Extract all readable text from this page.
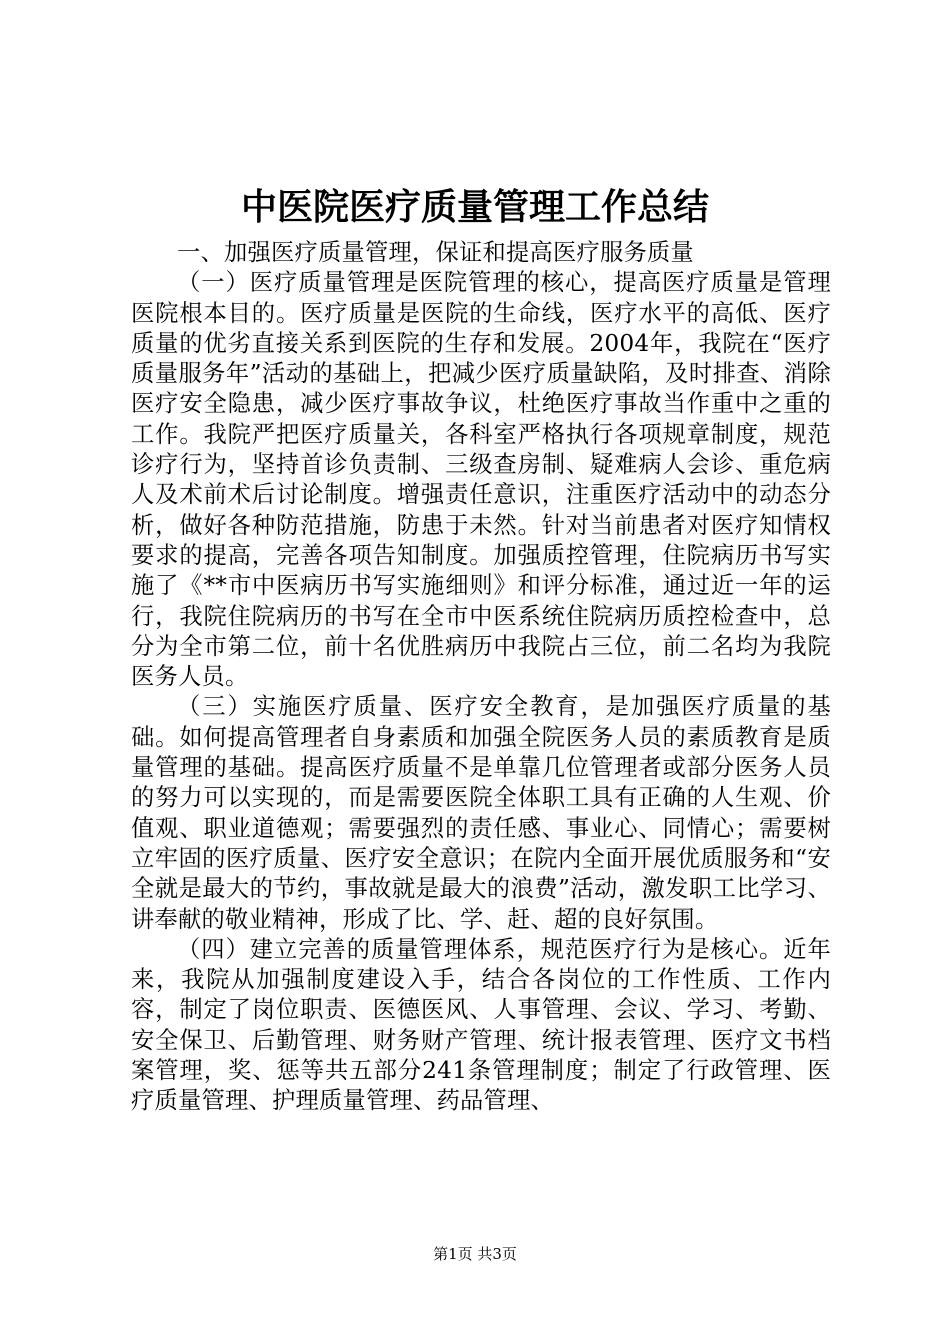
中医院医疗质量管理工作总结

一、加强医疗质量管理，保证和提高医疗服务质量

（一）医疗质量管理是医院管理的核心，提高医疗质量是管理医院根本目的。医疗质量是医院的生命线，医疗水平的高低、医疗质量的优劣直接关系到医院的生存和发展。2004年，我院在“医疗质量服务年”活动的基础上，把减少医疗质量缺陷，及时排查、消除医疗安全隐患，减少医疗事故争议，杜绝医疗事故当作重中之重的工作。我院严把医疗质量关，各科室严格执行各项规章制度，规范诊疗行为，坚持首诊负责制、三级查房制、疑难病人会诊、重危病人及术前术后讨论制度。增强责任意识，注重医疗活动中的动态分析，做好各种防范措施，防患于未然。针对当前患者对医疗知情权要求的提高，完善各项告知制度。加强质控管理，住院病历书写实施了《**市中医病历书写实施细则》和评分标准，通过近一年的运行，我院住院病历的书写在全市中医系统住院病历质控检查中，总分为全市第二位，前十名优胜病历中我院占三位，前二名均为我院医务人员。

（三）实施医疗质量、医疗安全教育，是加强医疗质量的基础。如何提高管理者自身素质和加强全院医务人员的素质教育是质量管理的基础。提高医疗质量不是单靠几位管理者或部分医务人员的努力可以实现的，而是需要医院全体职工具有正确的人生观、价值观、职业道德观；需要强烈的责任感、事业心、同情心；需要树立牢固的医疗质量、医疗安全意识；在院内全面开展优质服务和“安全就是最大的节约，事故就是最大的浪费”活动，激发职工比学习、讲奉献的敬业精神，形成了比、学、赶、超的良好氛围。

（四）建立完善的质量管理体系，规范医疗行为是核心。近年来，我院从加强制度建设入手，结合各岗位的工作性质、工作内容，制定了岗位职责、医德医风、人事管理、会议、学习、考勤、安全保卫、后勤管理、财务财产管理、统计报表管理、医疗文书档案管理，奖、惩等共五部分241条管理制度；制定了行政管理、医疗质量管理、护理质量管理、药品管理、

第1页 共3页
